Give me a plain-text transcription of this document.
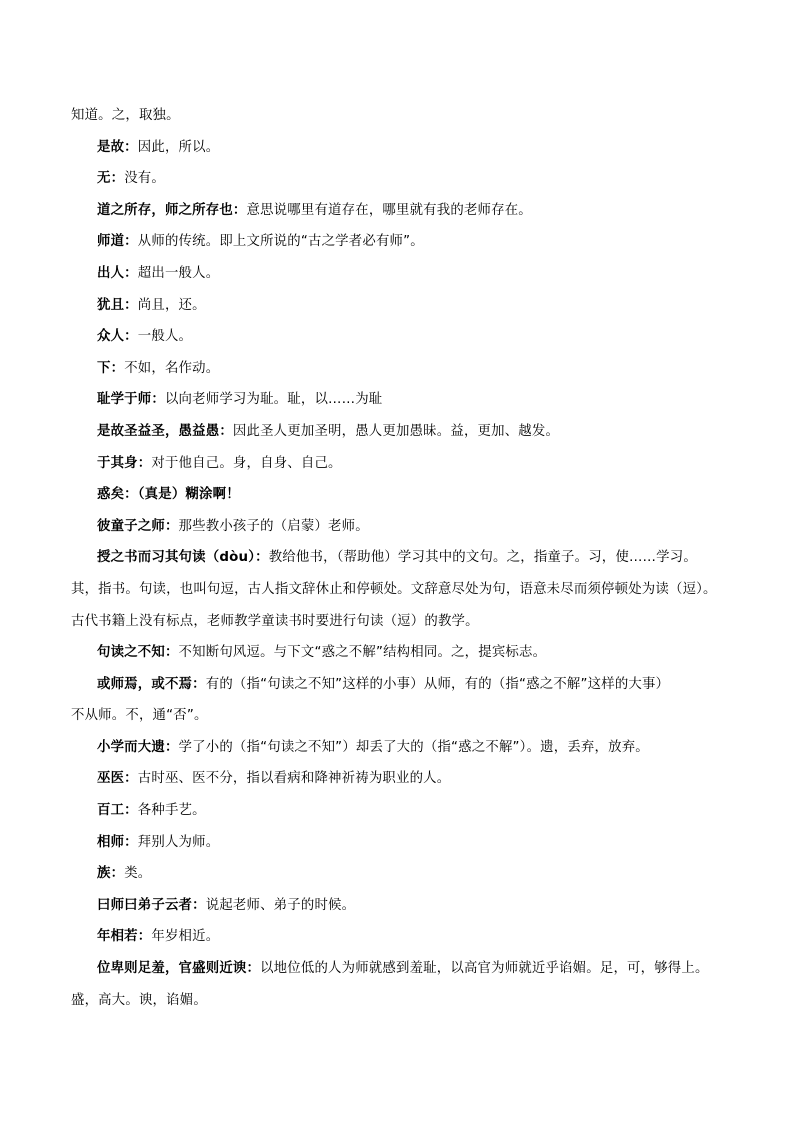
知道。之，取独。
是故：因此，所以。
无：没有。
道之所存，师之所存也：意思说哪里有道存在，哪里就有我的老师存在。
师道：从师的传统。即上文所说的“古之学者必有师”。
出人：超出一般人。
犹且：尚且，还。
众人：一般人。
下：不如，名作动。
耻学于师：以向老师学习为耻。耻，以……为耻
是故圣益圣，愚益愚：因此圣人更加圣明，愚人更加愚昧。益，更加、越发。
于其身：对于他自己。身，自身、自己。
惑矣：（真是）糊涂啊！
彼童子之师：那些教小孩子的（启蒙）老师。
授之书而习其句读（dòu）：教给他书，（帮助他）学习其中的文句。之，指童子。习，使……学习。
其，指书。句读，也叫句逗，古人指文辞休止和停顿处。文辞意尽处为句，语意未尽而须停顿处为读（逗）。
古代书籍上没有标点，老师教学童读书时要进行句读（逗）的教学。
句读之不知：不知断句风逗。与下文“惑之不解”结构相同。之，提宾标志。
或师焉，或不焉：有的（指“句读之不知”这样的小事）从师，有的（指“惑之不解”这样的大事）
不从师。不，通“否”。
小学而大遗：学了小的（指“句读之不知”）却丢了大的（指“惑之不解”）。遗，丢弃，放弃。
巫医：古时巫、医不分，指以看病和降神祈祷为职业的人。
百工：各种手艺。
相师：拜别人为师。
族：类。
曰师曰弟子云者：说起老师、弟子的时候。
年相若：年岁相近。
位卑则足羞，官盛则近谀：以地位低的人为师就感到羞耻，以高官为师就近乎谄媚。足，可，够得上。
盛，高大。谀，谄媚。
